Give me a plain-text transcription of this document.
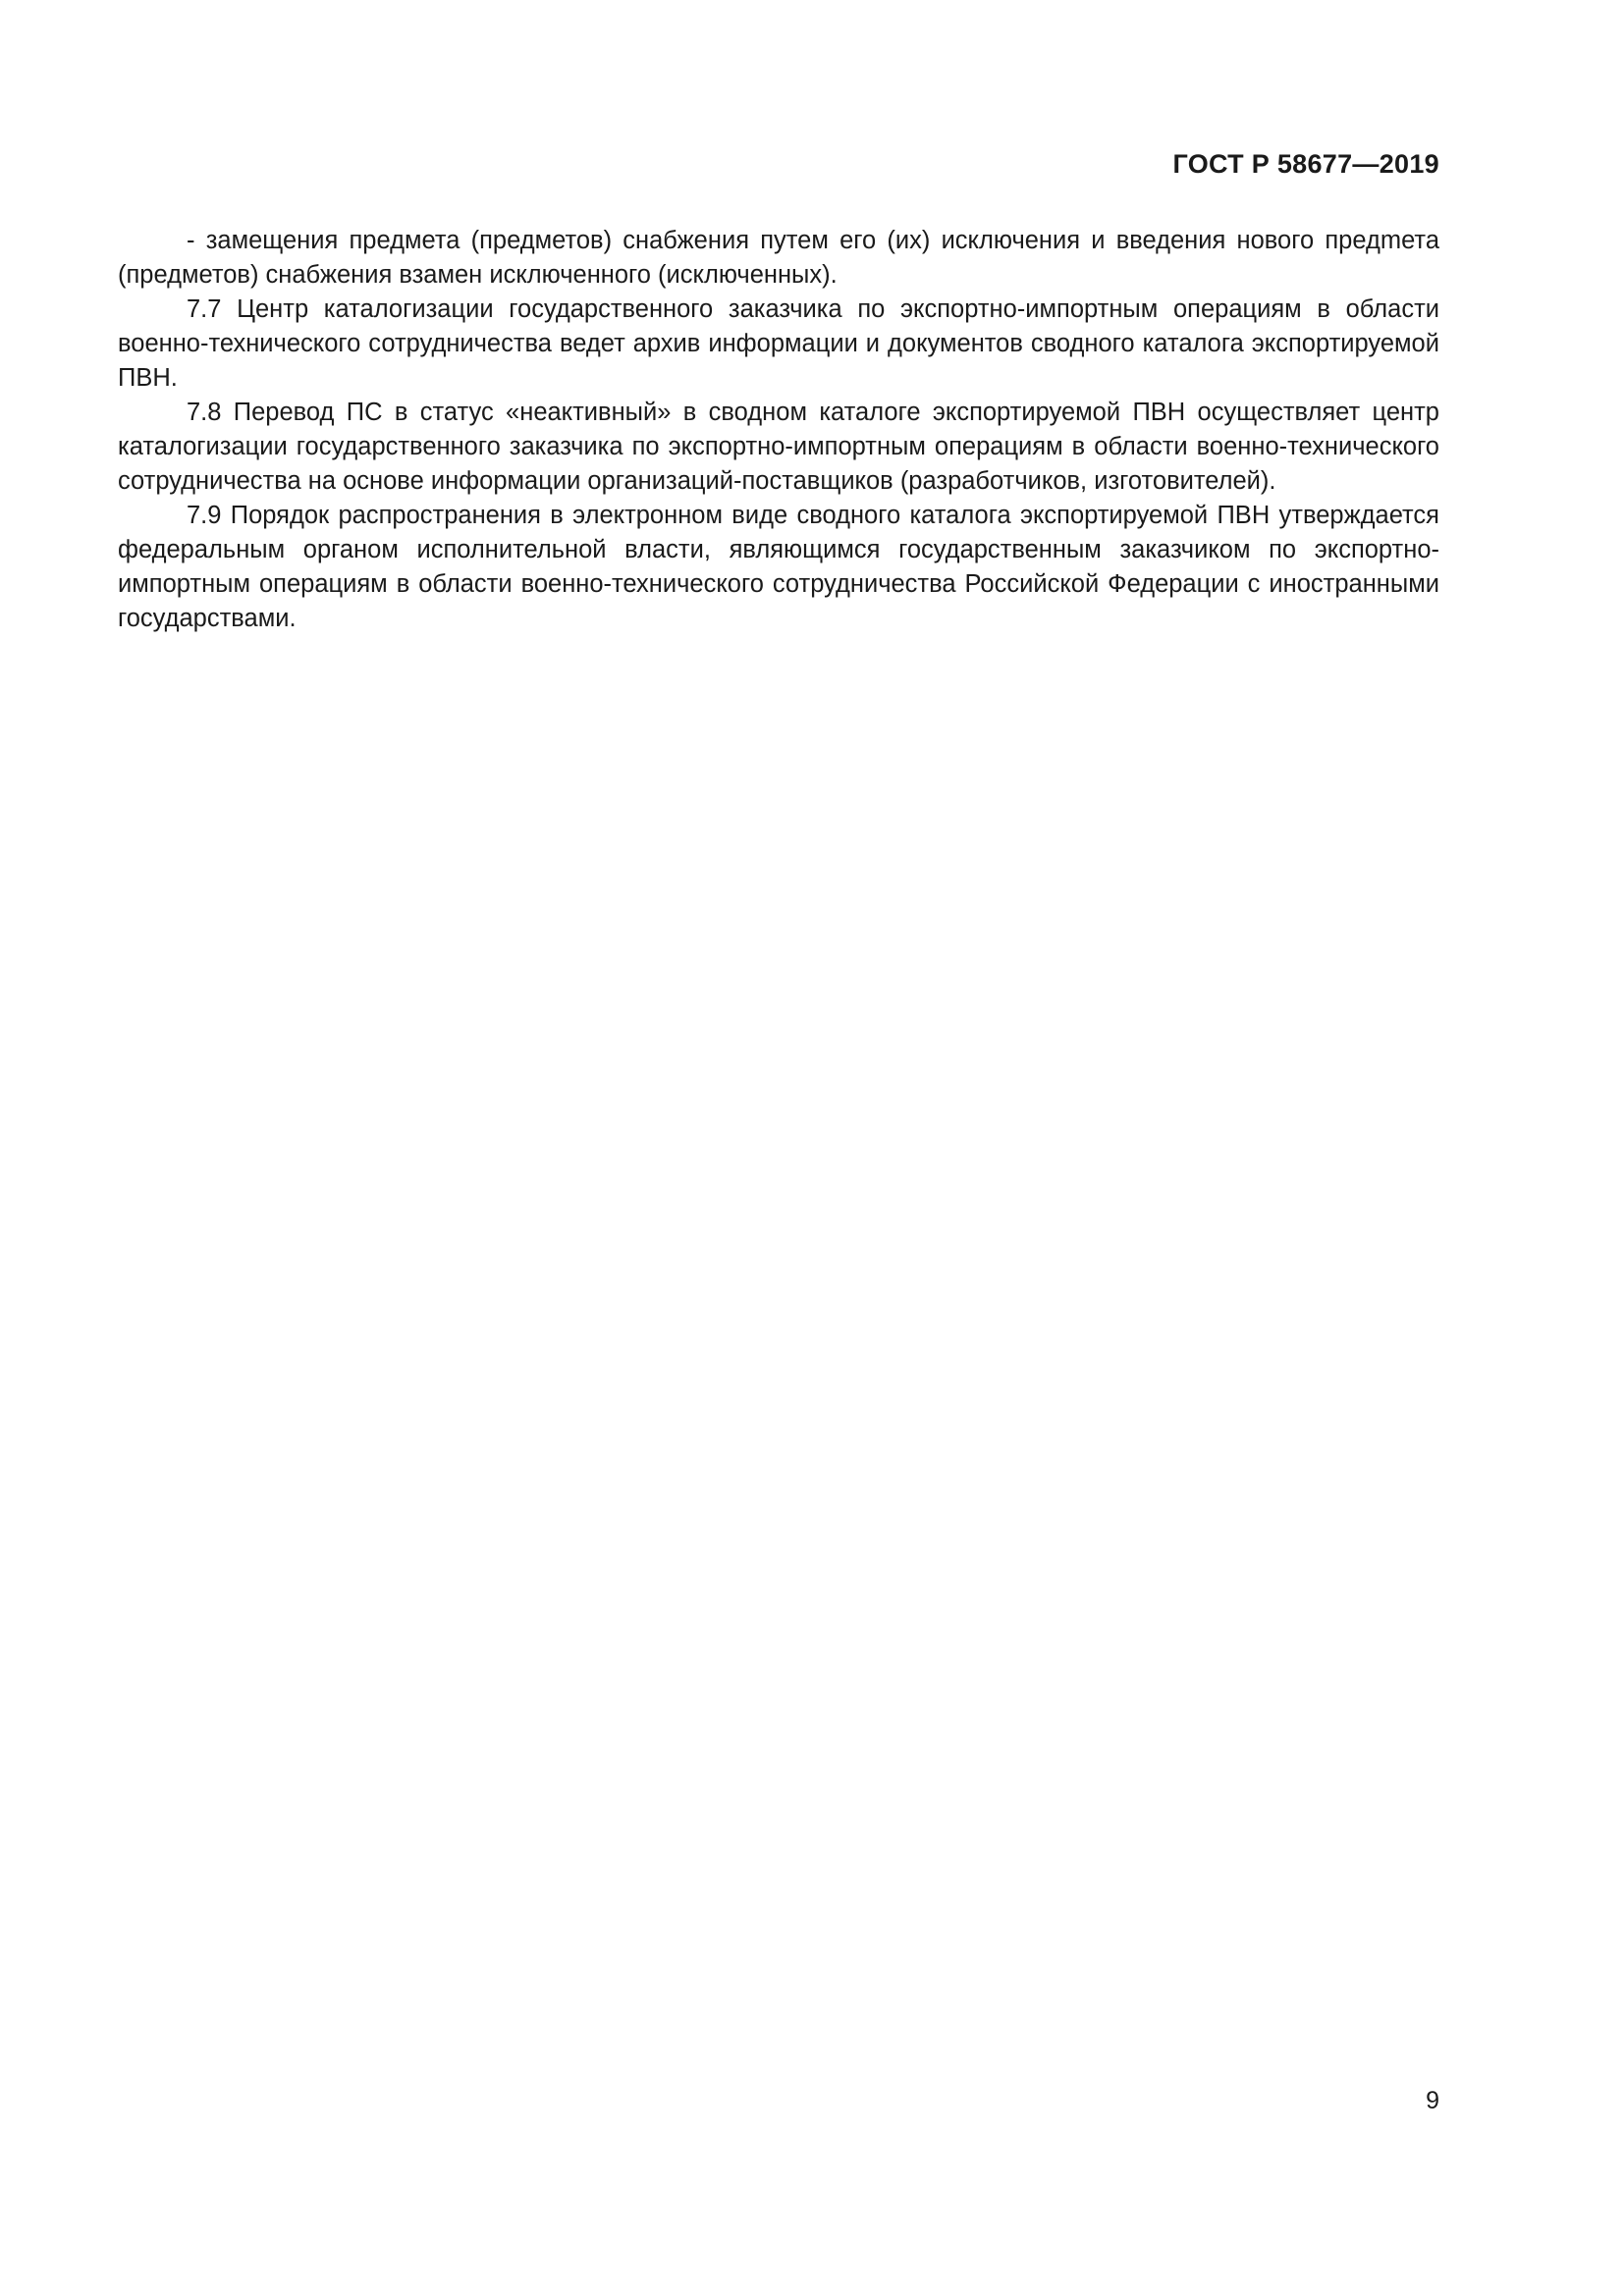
ГОСТ Р 58677—2019

- замещения предмета (предметов) снабжения путем его (их) исключения и введения нового предmета (предметов) снабжения взамен исключенного (исключенных).

7.7 Центр каталогизации государственного заказчика по экспортно-импортным операциям в области военно-технического сотрудничества ведет архив информации и документов сводного каталога экспортируемой ПВН.

7.8 Перевод ПС в статус «неактивный» в сводном каталоге экспортируемой ПВН осуществляет центр каталогизации государственного заказчика по экспортно-импортным операциям в области военно-технического сотрудничества на основе информации организаций-поставщиков (разработчиков, изготовителей).

7.9 Порядок распространения в электронном виде сводного каталога экспортируемой ПВН утверждается федеральным органом исполнительной власти, являющимся государственным заказчиком по экспортно-импортным операциям в области военно-технического сотрудничества Российской Федерации с иностранными государствами.

9
